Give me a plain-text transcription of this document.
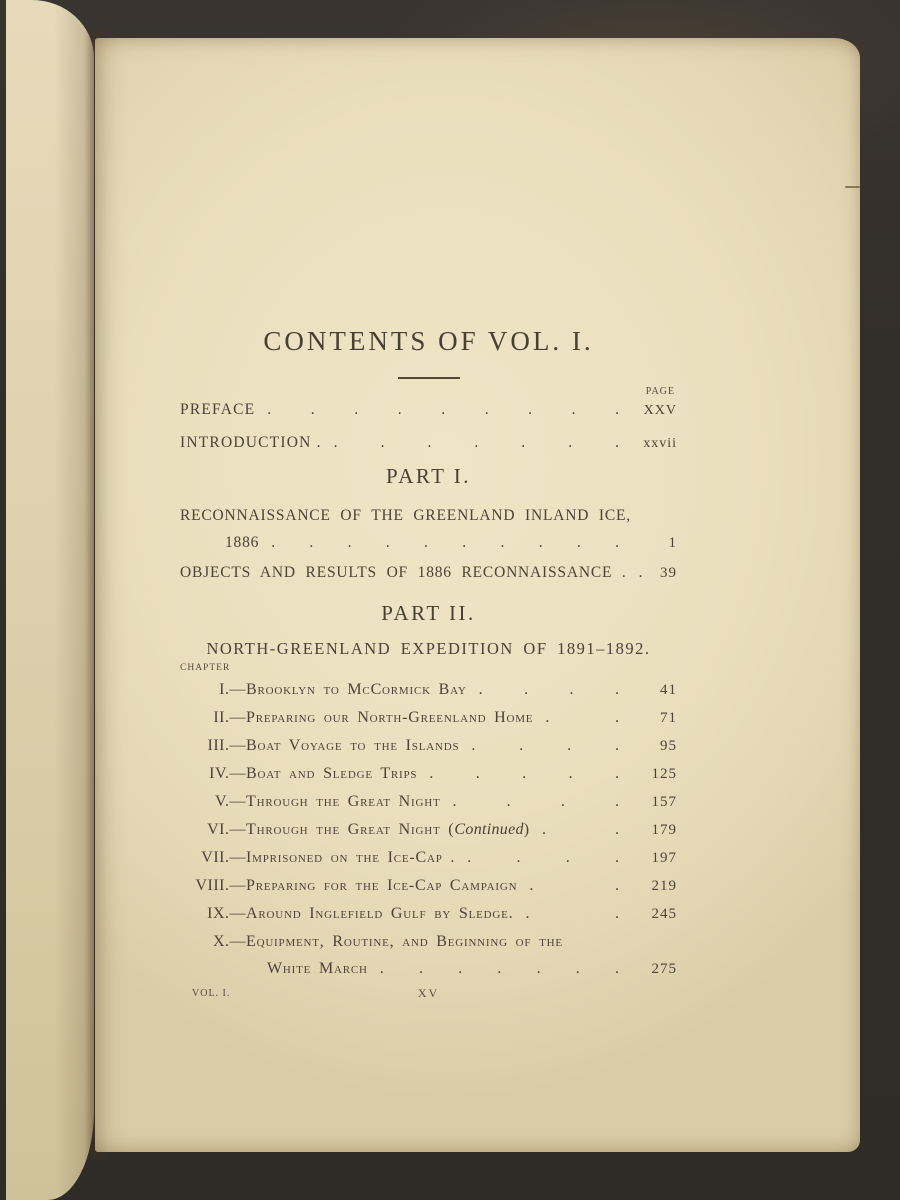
CONTENTS OF VOL. I.
PAGE
PREFACE . . . . . . . . .	XXV
INTRODUCTION . . . . . . . .	xxvii
PART I.
RECONNAISSANCE OF THE GREENLAND INLAND ICE,
1886 . . . . . . . . . .	1
OBJECTS AND RESULTS OF 1886 RECONNAISSANCE . .	39
PART II.
NORTH-GREENLAND EXPEDITION OF 1891–1892.
CHAPTER
I.— Brooklyn to McCormick Bay . . . .	41
II.— Preparing our North-Greenland Home . .	71
III.— Boat Voyage to the Islands . . . .	95
IV.— Boat and Sledge Trips . . . . .	125
V.— Through the Great Night . . . .	157
VI.— Through the Great Night ( Continued ) . .	179
VII.— Imprisoned on the Ice-Cap . . . . .	197
VIII.— Preparing for the Ice-Cap Campaign . .	219
IX.— Around Inglefield Gulf by Sledge. . .	245
X.— Equipment, Routine, and Beginning of the
White March . . . . . . .	275
VOL. I.	XV
